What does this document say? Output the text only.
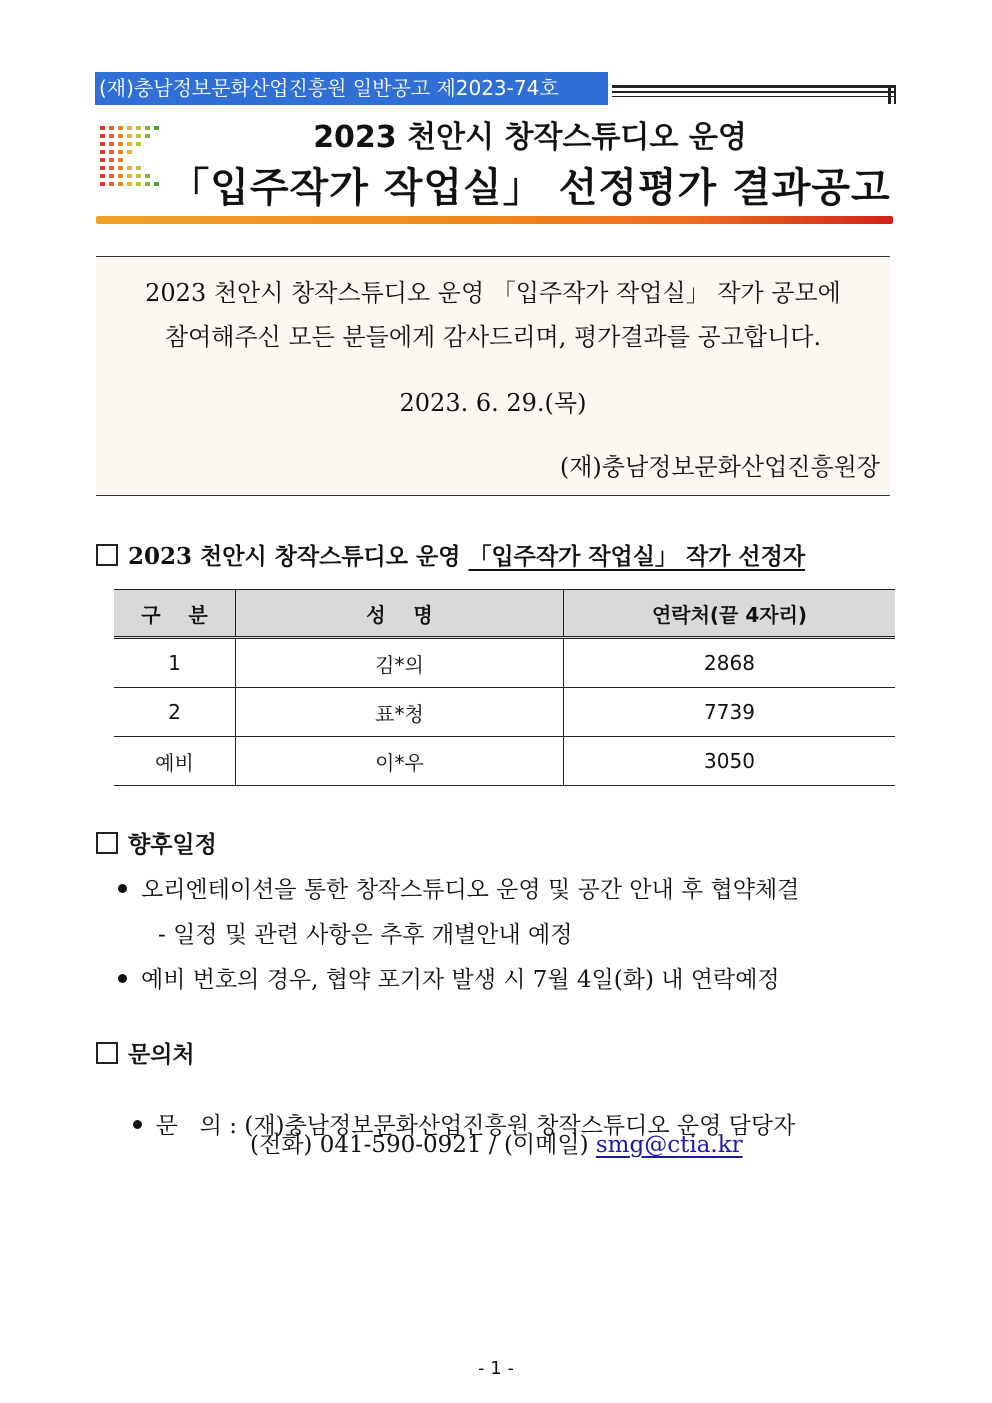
(재)충남정보문화산업진흥원 일반공고 제2023-74호
2023 천안시 창작스튜디오 운영
「입주작가 작업실」 선정평가 결과공고
2023 천안시 창작스튜디오 운영 「입주작가 작업실」 작가 공모에
참여해주신 모든 분들에게 감사드리며, 평가결과를 공고합니다.
2023. 6. 29.(목)
(재)충남정보문화산업진흥원장
2023 천안시 창작스튜디오 운영 「입주작가 작업실」 작가 선정자
구    분	성    명	연락처(끝 4자리)
1	김*의	2868
2	표*청	7739
예비	이*우	3050
향후일정
오리엔테이션을 통한 창작스튜디오 운영 및 공간 안내 후 협약체결
- 일정 및 관련 사항은 추후 개별안내 예정
예비 번호의 경우, 협약 포기자 발생 시 7월 4일(화) 내 연락예정
문의처

문   의 : (재)충남정보문화산업진흥원 창작스튜디오 운영 담당자

(전화) 041-590-0921 / (이메일) smg@ctia.kr
- 1 -
